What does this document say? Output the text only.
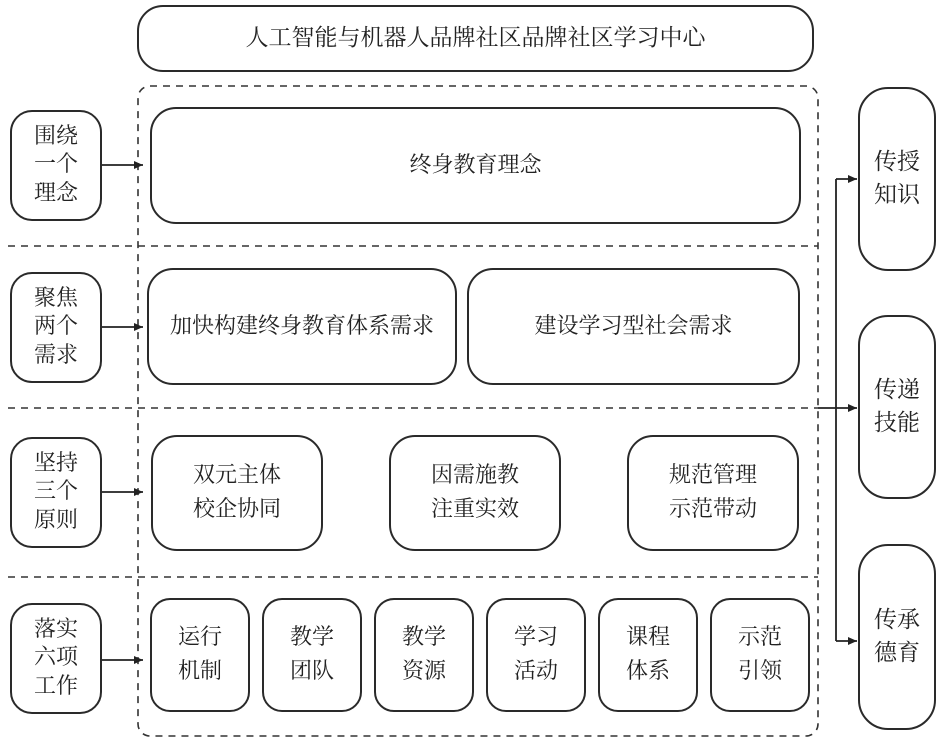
人工智能与机器人品牌社区品牌社区学习中心
围绕
一个
理念
聚焦
两个
需求
坚持
三个
原则
落实
六项
工作
终身教育理念
加快构建终身教育体系需求	建设学习型社会需求
双元主体
校企协同
因需施教
注重实效
规范管理
示范带动
运行
机制
教学
团队
教学
资源
学习
活动
课程
体系
示范
引领
传授
知识
传递
技能
传承
德育
